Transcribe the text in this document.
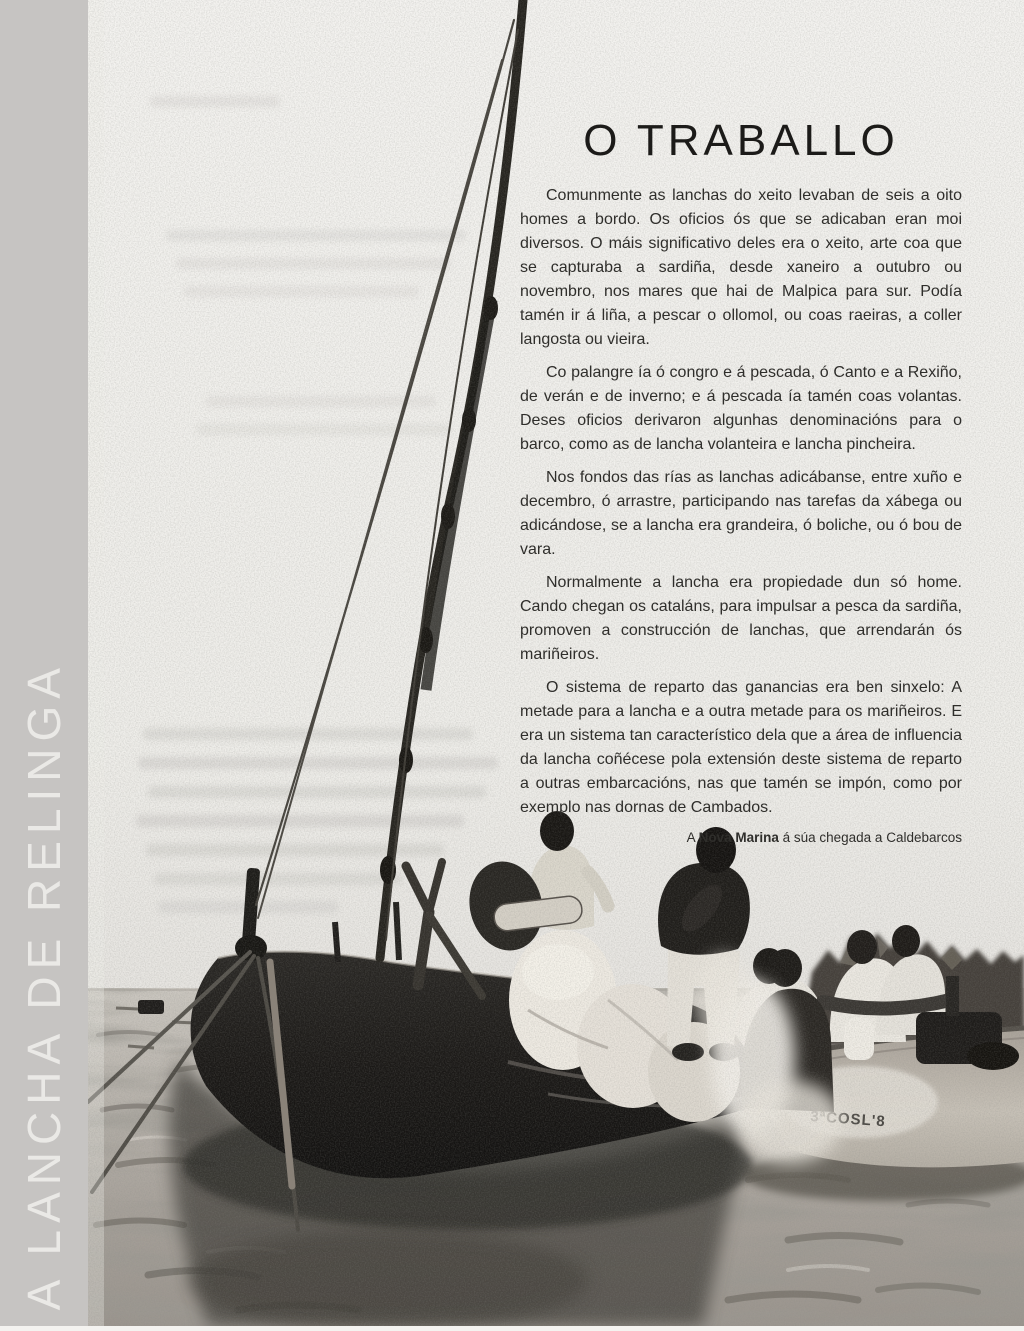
A LANCHA DE RELINGA
O TRABALLO

Comunmente as lanchas do xeito levaban de seis a oito homes a bordo. Os oficios ós que se adicaban eran moi diversos. O máis significativo deles era o xeito, arte coa que se capturaba a sardiña, desde xaneiro a outubro ou novembro, nos mares que hai de Malpica para sur. Podía tamén ir á liña, a pescar o ollomol, ou coas raeiras, a coller langosta ou vieira.

Co palangre ía ó congro e á pescada, ó Canto e a Rexiño, de verán e de inverno; e á pescada ía tamén coas volantas. Deses oficios derivaron algunhas denominacións para o barco, como as de lancha volanteira e lancha pincheira.

Nos fondos das rías as lanchas adicábanse, entre xuño e decembro, ó arrastre, participando nas tarefas da xábega ou adicándose, se a lancha era grandeira, ó boliche, ou ó bou de vara.

Normalmente a lancha era propiedade dun só home. Cando chegan os cataláns, para impulsar a pesca da sardiña, promoven a construcción de lanchas, que arrendarán ós mariñeiros.

O sistema de reparto das ganancias era ben sinxelo: A metade para a lancha e a outra metade para os mariñeiros. E era un sistema tan característico dela que a área de influencia da lancha coñécese pola extensión deste sistema de reparto a outras embarcacións, nas que tamén se impón, como por exemplo nas dornas de Cambados.

A Nova Marina á súa chegada a Caldebarcos
